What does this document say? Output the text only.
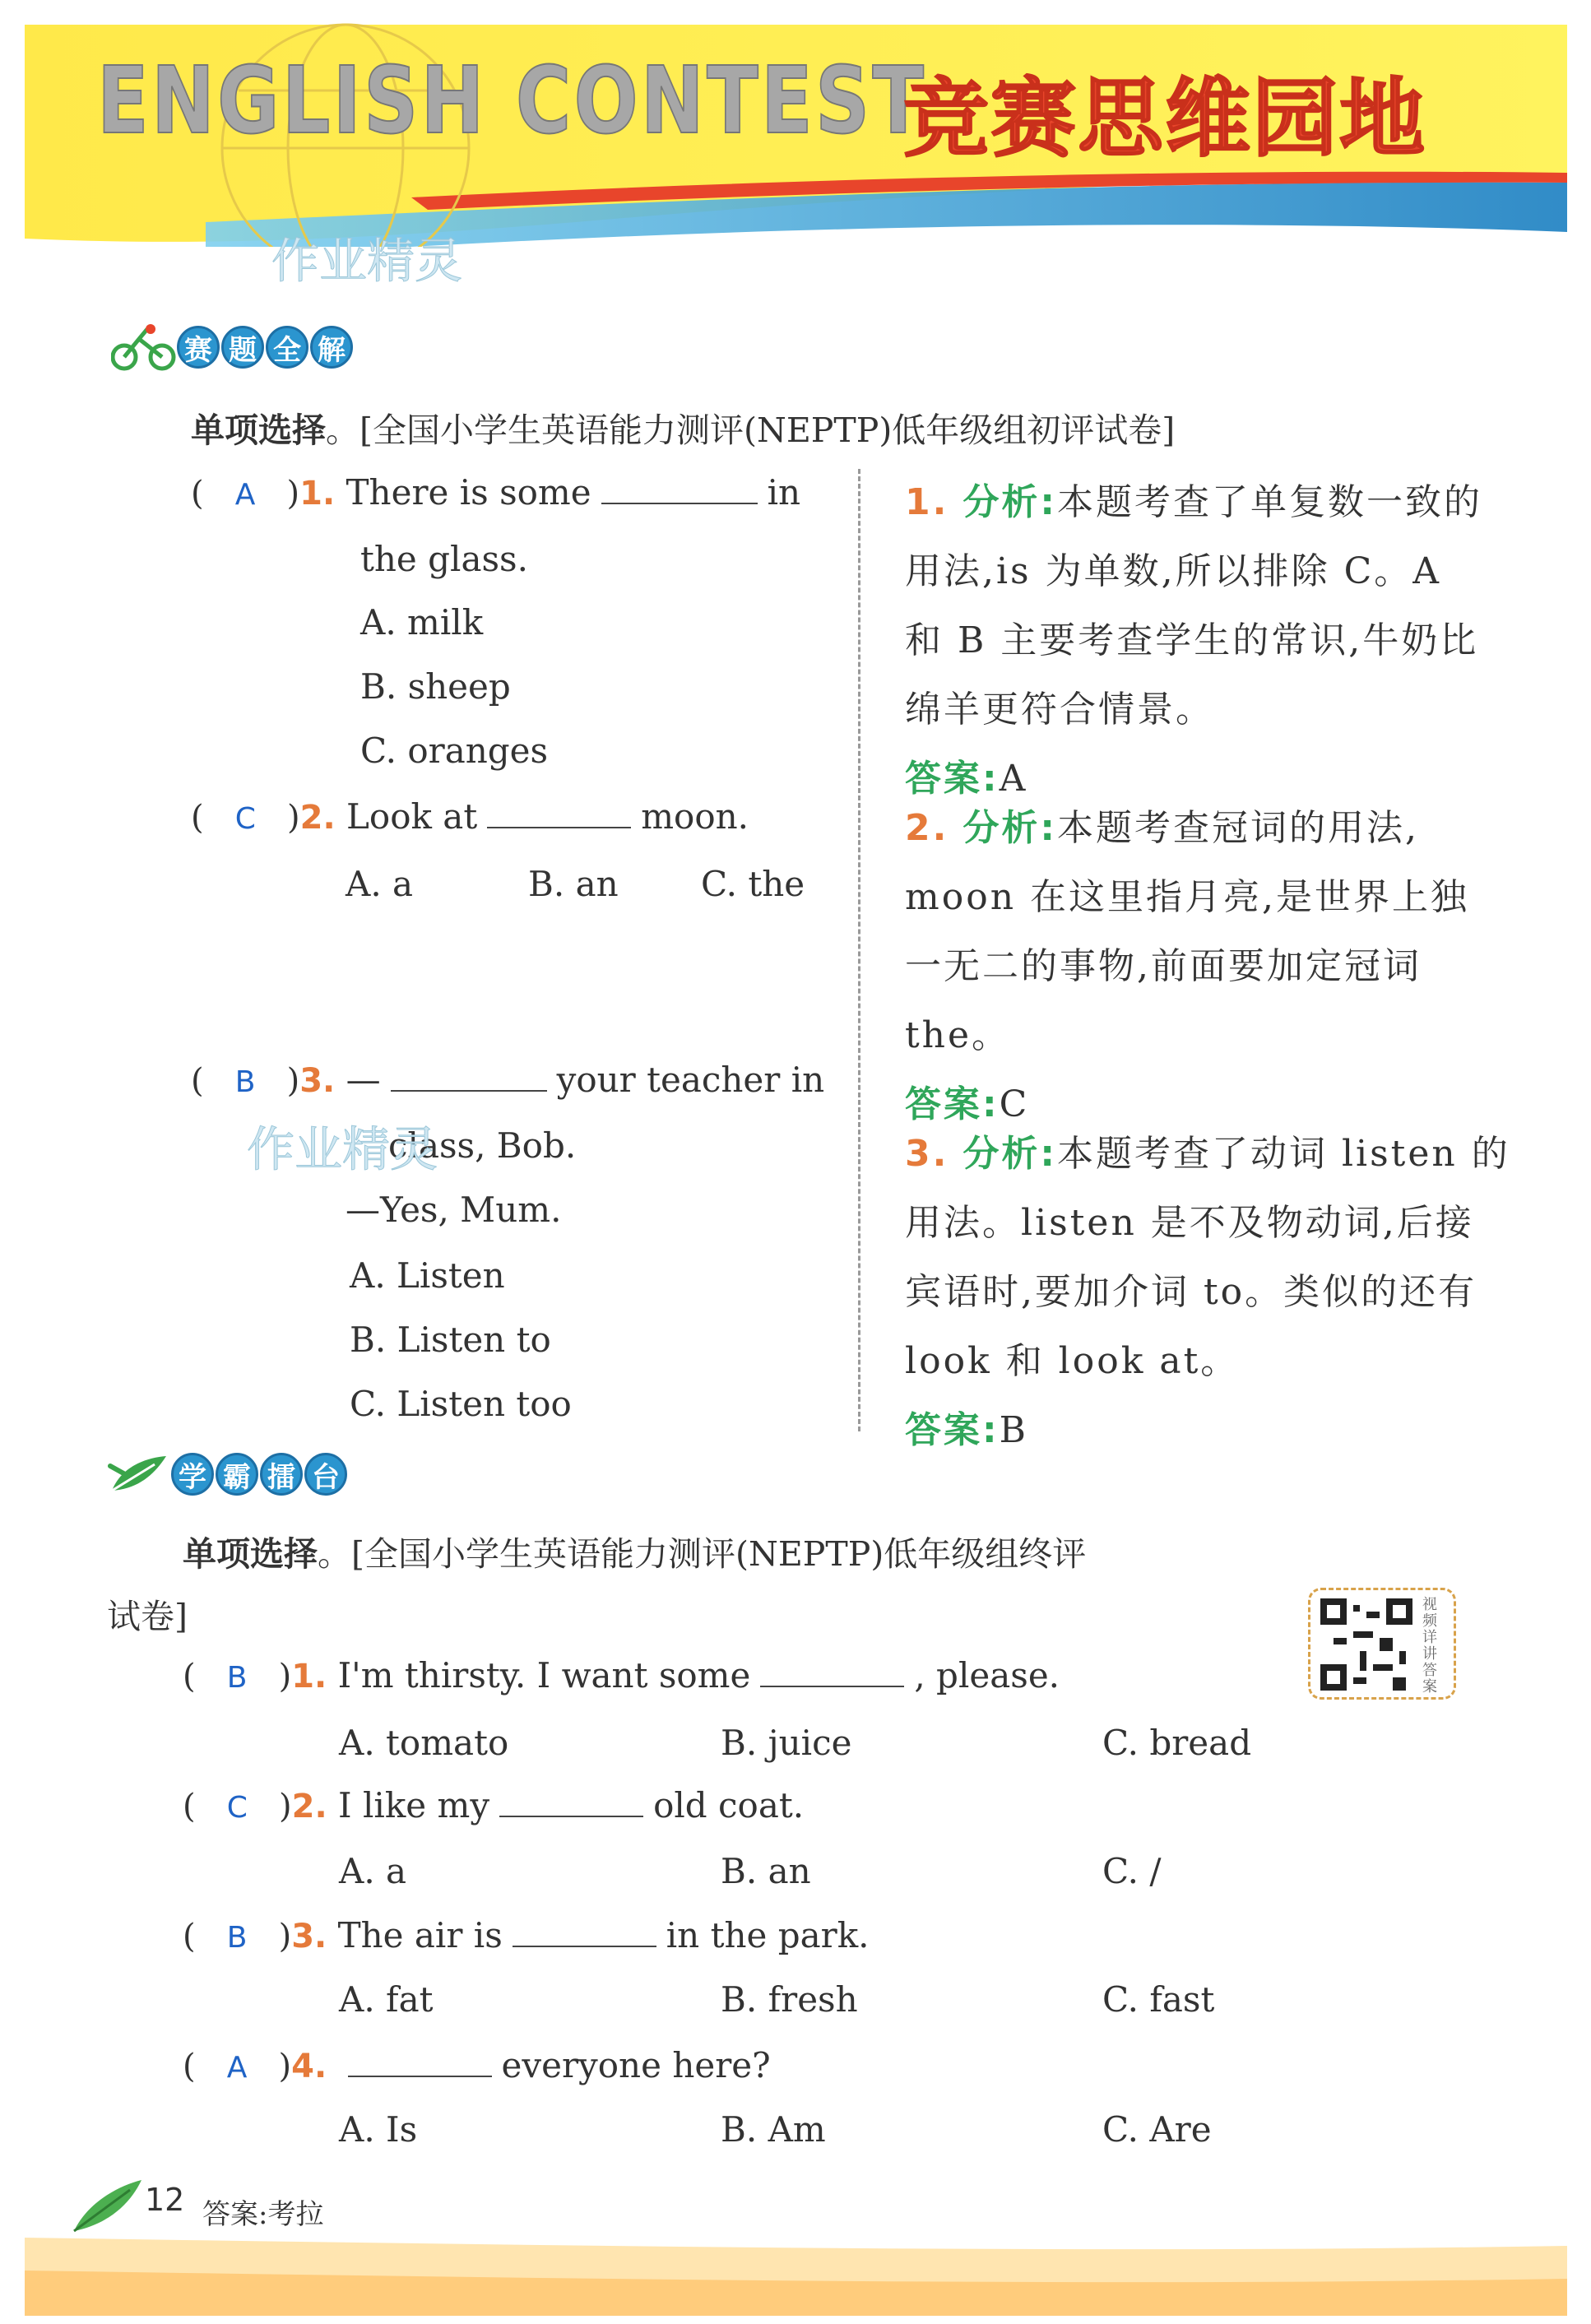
ENGLISH CONTEST
竞赛思维园地
作业精灵
赛 题 全 解
单项选择。[全国小学生英语能力测评(NEPTP)低年级组初评试卷]
(   A   )1. There is some	in
the glass.
A. milk
B. sheep
C. oranges
(   C   )2. Look at	moon.
A. a	B. an C. the
(   B   )3. —	your teacher in
class, Bob.
—Yes, Mum.
A. Listen
B. Listen to
C. Listen too
作业精灵
1. 分析:本题考查了单复数一致的
用法,is 为单数,所以排除 C。A
和 B 主要考查学生的常识,牛奶比
绵羊更符合情景。
答案:A
2. 分析:本题考查冠词的用法,
moon 在这里指月亮,是世界上独
一无二的事物,前面要加定冠词
the。
答案:C
3. 分析:本题考查了动词 listen 的
用法。listen 是不及物动词,后接
宾语时,要加介词 to。类似的还有
look 和 look at。
答案:B
学 霸 擂 台
单项选择。[全国小学生英语能力测评(NEPTP)低年级组终评
试卷]	视频详讲答案
(   B   )1. I'm thirsty. I want some	, please.
A. tomato	B. juice	C. bread
(   C   )2. I like my	old coat.
A. a	B. an	C. /
(   B   )3. The air is	in the park.
A. fat	B. fresh	C. fast
(   A   )4.	everyone here?
A. Is	B. Am	C. Are
12 答案:考拉
